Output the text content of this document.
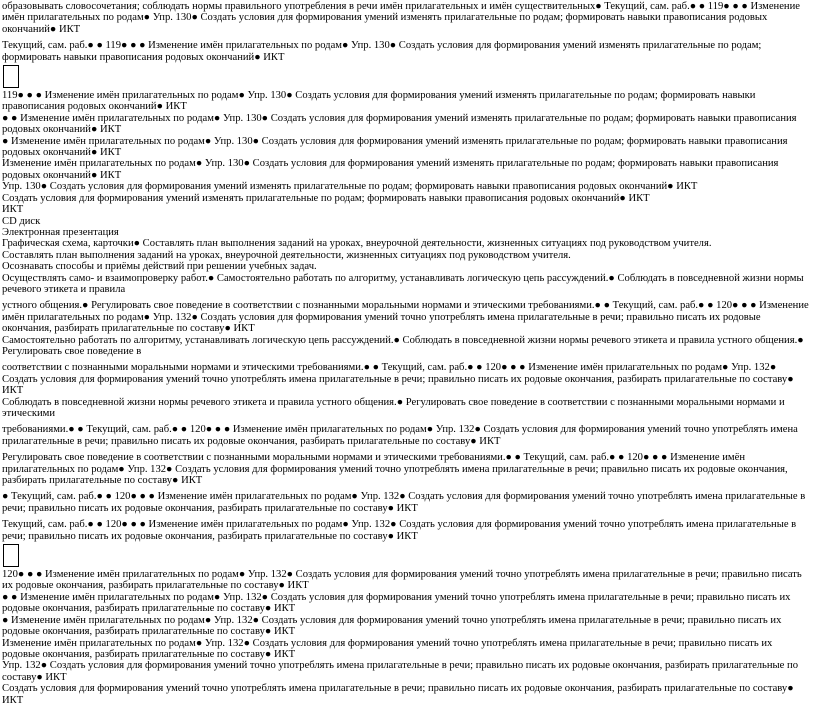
образовывать словосочетания; соблюдать нормы правильного употребления в речи имён прилагательных и имён существительных● Текущий, сам. раб.● ● 119● ● ● Изменение имён прилагательных по родам● Упр. 130● Создать условия для формирования умений изменять прилагательные по родам; формировать навыки правописания родовых окончаний● ИКТ

Текущий, сам. раб.● ● 119● ● ● Изменение имён прилагательных по родам● Упр. 130● Создать условия для формирования умений изменять прилагательные по родам; формировать навыки правописания родовых окончаний● ИКТ

119● ● ● Изменение имён прилагательных по родам● Упр. 130● Создать условия для формирования умений изменять прилагательные по родам; формировать навыки правописания родовых окончаний● ИКТ

● ● Изменение имён прилагательных по родам● Упр. 130● Создать условия для формирования умений изменять прилагательные по родам; формировать навыки правописания родовых окончаний● ИКТ

● Изменение имён прилагательных по родам● Упр. 130● Создать условия для формирования умений изменять прилагательные по родам; формировать навыки правописания родовых окончаний● ИКТ

Изменение имён прилагательных по родам● Упр. 130● Создать условия для формирования умений изменять прилагательные по родам; формировать навыки правописания родовых окончаний● ИКТ

Упр. 130● Создать условия для формирования умений изменять прилагательные по родам; формировать навыки правописания родовых окончаний● ИКТ

Создать условия для формирования умений изменять прилагательные по родам; формировать навыки правописания родовых окончаний● ИКТ

ИКТ

CD диск

Электронная презентация

Графическая схема, карточки● Составлять план выполнения заданий на уроках, внеурочной деятельности, жизненных ситуациях под руководством учителя.

Составлять план выполнения заданий на уроках, внеурочной деятельности, жизненных ситуациях под руководством учителя.

Осознавать способы и приёмы действий при решении учебных задач.

Осуществлять само- и взаимопроверку работ.● Самостоятельно работать по алгоритму, устанавливать логическую цепь рассуждений.● Соблюдать в повседневной жизни нормы речевого этикета и правила

устного общения.● Регулировать свое поведение в соответствии с познанными моральными нормами и этическими требованиями.● ● Текущий, сам. раб.● ● 120● ● ● Изменение имён прилагательных по родам● Упр. 132● Создать условия для формирования умений точно употреблять имена прилагательные в речи; правильно писать их родовые окончания, разбирать прилагательные по составу● ИКТ

Самостоятельно работать по алгоритму, устанавливать логическую цепь рассуждений.● Соблюдать в повседневной жизни нормы речевого этикета и правила устного общения.● Регулировать свое поведение в

соответствии с познанными моральными нормами и этическими требованиями.● ● Текущий, сам. раб.● ● 120● ● ● Изменение имён прилагательных по родам● Упр. 132● Создать условия для формирования умений точно употреблять имена прилагательные в речи; правильно писать их родовые окончания, разбирать прилагательные по составу● ИКТ

Соблюдать в повседневной жизни нормы речевого этикета и правила устного общения.● Регулировать свое поведение в соответствии с познанными моральными нормами и этическими

требованиями.● ● Текущий, сам. раб.● ● 120● ● ● Изменение имён прилагательных по родам● Упр. 132● Создать условия для формирования умений точно употреблять имена прилагательные в речи; правильно писать их родовые окончания, разбирать прилагательные по составу● ИКТ

Регулировать свое поведение в соответствии с познанными моральными нормами и этическими требованиями.● ● Текущий, сам. раб.● ● 120● ● ● Изменение имён прилагательных по родам● Упр. 132● Создать условия для формирования умений точно употреблять имена прилагательные в речи; правильно писать их родовые окончания, разбирать прилагательные по составу● ИКТ

● Текущий, сам. раб.● ● 120● ● ● Изменение имён прилагательных по родам● Упр. 132● Создать условия для формирования умений точно употреблять имена прилагательные в речи; правильно писать их родовые окончания, разбирать прилагательные по составу● ИКТ

Текущий, сам. раб.● ● 120● ● ● Изменение имён прилагательных по родам● Упр. 132● Создать условия для формирования умений точно употреблять имена прилагательные в речи; правильно писать их родовые окончания, разбирать прилагательные по составу● ИКТ

120● ● ● Изменение имён прилагательных по родам● Упр. 132● Создать условия для формирования умений точно употреблять имена прилагательные в речи; правильно писать их родовые окончания, разбирать прилагательные по составу● ИКТ

● ● Изменение имён прилагательных по родам● Упр. 132● Создать условия для формирования умений точно употреблять имена прилагательные в речи; правильно писать их родовые окончания, разбирать прилагательные по составу● ИКТ

● Изменение имён прилагательных по родам● Упр. 132● Создать условия для формирования умений точно употреблять имена прилагательные в речи; правильно писать их родовые окончания, разбирать прилагательные по составу● ИКТ

Изменение имён прилагательных по родам● Упр. 132● Создать условия для формирования умений точно употреблять имена прилагательные в речи; правильно писать их родовые окончания, разбирать прилагательные по составу● ИКТ

Упр. 132● Создать условия для формирования умений точно употреблять имена прилагательные в речи; правильно писать их родовые окончания, разбирать прилагательные по составу● ИКТ

Создать условия для формирования умений точно употреблять имена прилагательные в речи; правильно писать их родовые окончания, разбирать прилагательные по составу● ИКТ
